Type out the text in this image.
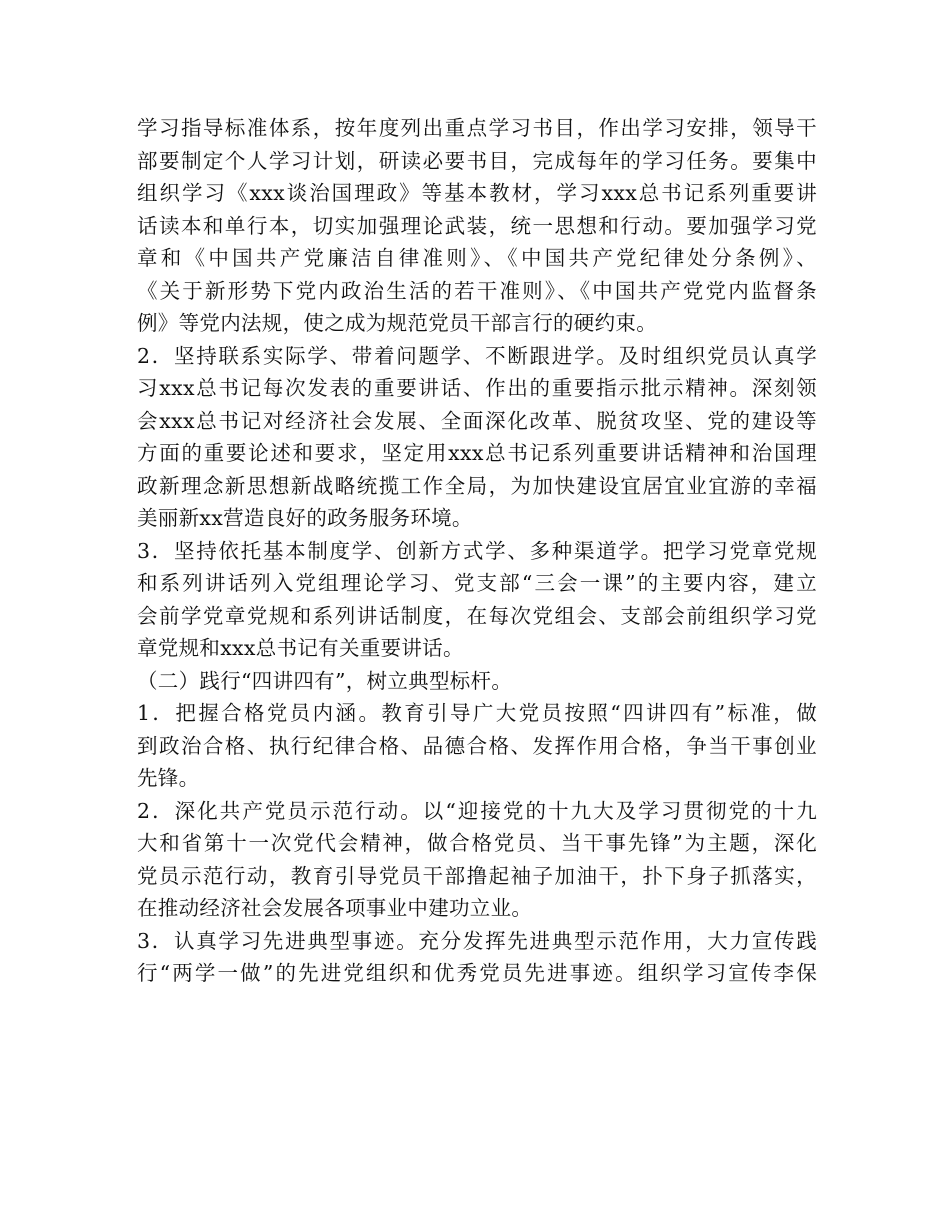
学习指导标准体系，按年度列出重点学习书目，作出学习安排，领导干
部要制定个人学习计划，研读必要书目，完成每年的学习任务。要集中
组织学习《xxx谈治国理政》等基本教材，学习xxx总书记系列重要讲
话读本和单行本，切实加强理论武装，统一思想和行动。要加强学习党
章和《中国共产党廉洁自律准则》、《中国共产党纪律处分条例》、
《关于新形势下党内政治生活的若干准则》、《中国共产党党内监督条
例》等党内法规，使之成为规范党员干部言行的硬约束。
2．坚持联系实际学、带着问题学、不断跟进学。及时组织党员认真学
习xxx总书记每次发表的重要讲话、作出的重要指示批示精神。深刻领
会xxx总书记对经济社会发展、全面深化改革、脱贫攻坚、党的建设等
方面的重要论述和要求，坚定用xxx总书记系列重要讲话精神和治国理
政新理念新思想新战略统揽工作全局，为加快建设宜居宜业宜游的幸福
美丽新xx营造良好的政务服务环境。
3．坚持依托基本制度学、创新方式学、多种渠道学。把学习党章党规
和系列讲话列入党组理论学习、党支部“三会一课”的主要内容，建立
会前学党章党规和系列讲话制度，在每次党组会、支部会前组织学习党
章党规和xxx总书记有关重要讲话。
（二）践行“四讲四有”，树立典型标杆。
1．把握合格党员内涵。教育引导广大党员按照“四讲四有”标准，做
到政治合格、执行纪律合格、品德合格、发挥作用合格，争当干事创业
先锋。
2．深化共产党员示范行动。以“迎接党的十九大及学习贯彻党的十九
大和省第十一次党代会精神，做合格党员、当干事先锋”为主题，深化
党员示范行动，教育引导党员干部撸起袖子加油干，扑下身子抓落实，
在推动经济社会发展各项事业中建功立业。
3．认真学习先进典型事迹。充分发挥先进典型示范作用，大力宣传践
行“两学一做”的先进党组织和优秀党员先进事迹。组织学习宣传李保
